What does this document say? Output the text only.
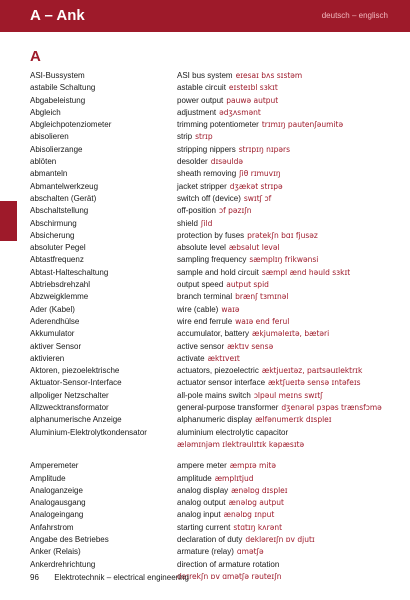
A – Ank	deutsch – englisch
A
ASI-Bussystem	ASI bus system eɪesaɪ bʌs sɪstəm
astabile Schaltung	astable circuit eɪsteɪbl sɜkɪt
Abgabeleistung	power output pauwə autput
Abgleich	adjustment ədʒʌsmənt
Abgleichpotenziometer	trimming potentiometer trɪmɪŋ pautenʃəumitə
abisolieren	strip strɪp
Abisolierzange	stripping nippers strɪpɪŋ nɪpərs
ablöten	desolder dɪsəuldə
abmanteln	sheath removing ʃiθ rɪmuvɪŋ
Abmantelwerkzeug	jacket stripper dʒækət strɪpə
abschalten (Gerät)	switch off (device) swɪtʃ ɔf
Abschaltstellung	off-position ɔf pəzɪʃn
Abschirmung	shield ʃild
Absicherung	protection by fuses prətekʃn bɑɪ fjusəz
absoluter Pegel	absolute level æbsəlut levəl
Abtastfrequenz	sampling frequency sæmplɪŋ frikwənsi
Abtast-Halteschaltung	sample and hold circuit sæmpl ænd həuld sɜkɪt
Abtriebsdrehzahl	output speed autput spid
Abzweigklemme	branch terminal brænʃ tɜmɪnəl
Ader (Kabel)	wire (cable) waɪə
Aderendhülse	wire end ferrule waɪə end ferul
Akkumulator	accumulator, battery ækjuməleɪtə, bætəri
aktiver Sensor	active sensor æktɪv sensə
aktivieren	activate æktɪveɪt
Aktoren, piezoelektrische	actuators, piezoelectric æktjueɪtəz, paɪtsəuɪlektrɪk
Aktuator-Sensor-Interface	actuator sensor interface æktʃueɪtə sensə ɪntəfeɪs
allpoliger Netzschalter	all-pole mains switch ɔlpəul meɪns swɪtʃ
Allzwecktransformator	general-purpose transformer dʒenərəl pɜpəs trænsfɔmə
alphanumerische Anzeige	alphanumeric display ælfənumerɪk dɪspleɪ
Aluminium-Elektrolytkondensator	aluminium electrolytic capacitor
æləmɪnjəm ɪlektrəulɪtɪk kəpæsɪtə
Amperemeter	ampere meter æmpɪə mitə
Amplitude	amplitude æmplɪtjud
Analoganzeige	analog display ænəlɒg dɪspleɪ
Analogausgang	analog output ænəlɒg autput
Analogeingang	analog input ænəlɒg ɪnput
Anfahrstrom	starting current stɑtɪŋ kʌrənt
Angabe des Betriebes	declaration of duty dekləreɪʃn ɒv djutɪ
Anker (Relais)	armature (relay) ɑmətʃə
Ankerdrehrichtung	direction of armature rotation
daɪrekʃn ɒv ɑmətʃə rəuteɪʃn
96 Elektrotechnik – electrical engineering
